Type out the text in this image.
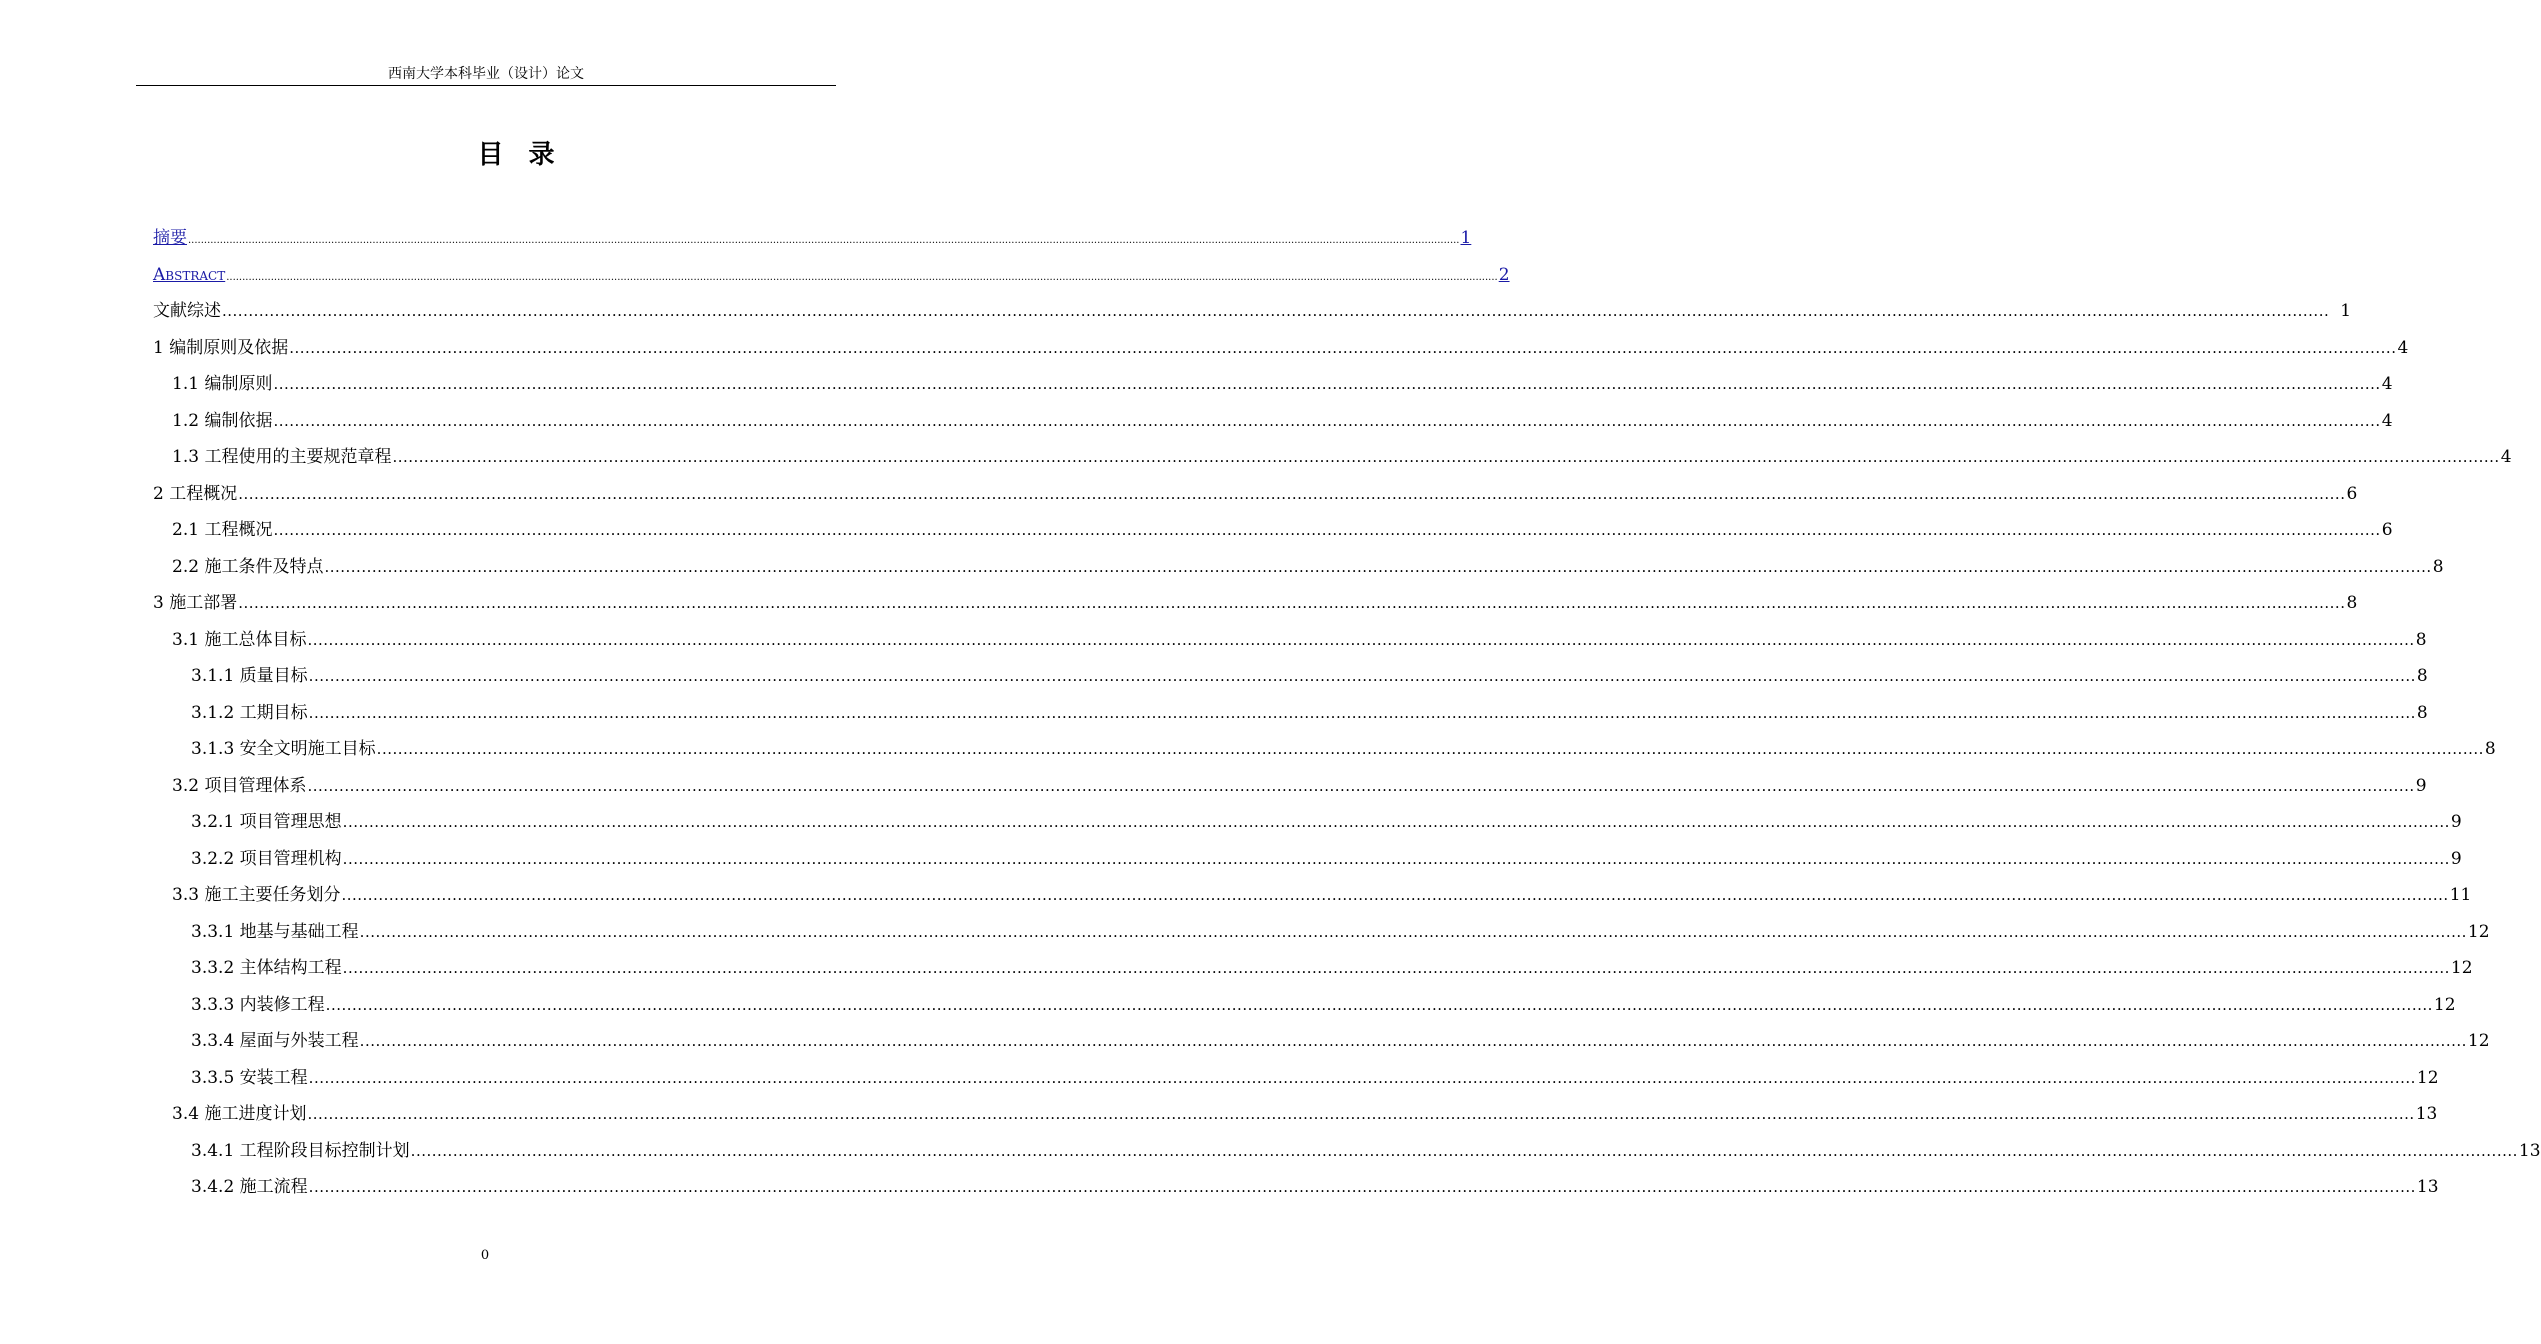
西南大学本科毕业（设计）论文
目 录
摘要 ................................................................................................................................................................................................................................................................................................................................................................................................................ 1
Abstract ................................................................................................................................................................................................................................................................................................................................................................................................................ 2
文献综述 ................................................................................................................................................................................................................................................................................................................................................................................................................ 1
1 编制原则及依据 ................................................................................................................................................................................................................................................................................................................................................................................................................ 4
1.1 编制原则 ................................................................................................................................................................................................................................................................................................................................................................................................................ 4
1.2 编制依据 ................................................................................................................................................................................................................................................................................................................................................................................................................ 4
1.3 工程使用的主要规范章程 ................................................................................................................................................................................................................................................................................................................................................................................................................ 4
2 工程概况 ................................................................................................................................................................................................................................................................................................................................................................................................................ 6
2.1 工程概况 ................................................................................................................................................................................................................................................................................................................................................................................................................ 6
2.2 施工条件及特点 ................................................................................................................................................................................................................................................................................................................................................................................................................ 8
3 施工部署 ................................................................................................................................................................................................................................................................................................................................................................................................................ 8
3.1 施工总体目标 ................................................................................................................................................................................................................................................................................................................................................................................................................ 8
3.1.1 质量目标 ................................................................................................................................................................................................................................................................................................................................................................................................................ 8
3.1.2 工期目标 ................................................................................................................................................................................................................................................................................................................................................................................................................ 8
3.1.3 安全文明施工目标 ................................................................................................................................................................................................................................................................................................................................................................................................................ 8
3.2 项目管理体系 ................................................................................................................................................................................................................................................................................................................................................................................................................ 9
3.2.1 项目管理思想 ................................................................................................................................................................................................................................................................................................................................................................................................................ 9
3.2.2 项目管理机构 ................................................................................................................................................................................................................................................................................................................................................................................................................ 9
3.3 施工主要任务划分 ................................................................................................................................................................................................................................................................................................................................................................................................................ 11
3.3.1 地基与基础工程 ................................................................................................................................................................................................................................................................................................................................................................................................................ 12
3.3.2 主体结构工程 ................................................................................................................................................................................................................................................................................................................................................................................................................ 12
3.3.3 内装修工程 ................................................................................................................................................................................................................................................................................................................................................................................................................ 12
3.3.4 屋面与外装工程 ................................................................................................................................................................................................................................................................................................................................................................................................................ 12
3.3.5 安装工程 ................................................................................................................................................................................................................................................................................................................................................................................................................ 12
3.4 施工进度计划 ................................................................................................................................................................................................................................................................................................................................................................................................................ 13
3.4.1 工程阶段目标控制计划 ................................................................................................................................................................................................................................................................................................................................................................................................................ 13
3.4.2 施工流程 ................................................................................................................................................................................................................................................................................................................................................................................................................ 13
0
